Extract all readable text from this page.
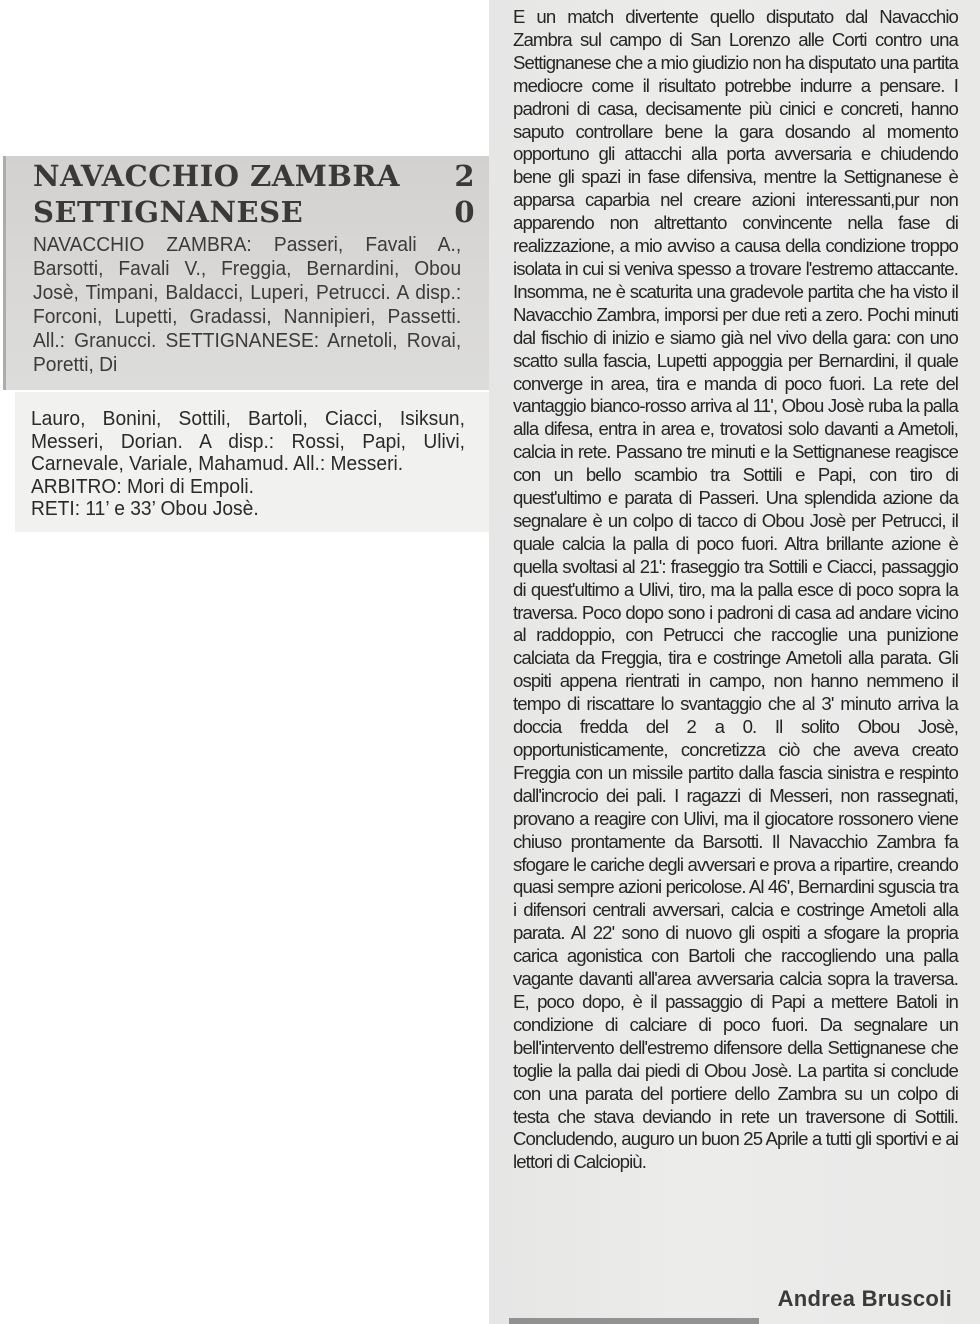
NAVACCHIO ZAMBRA 2
SETTIGNANESE	0
NAVACCHIO ZAMBRA: Passeri, Favali A., Barsotti, Favali V., Freggia, Bernardini, Obou Josè, Timpani, Baldacci, Luperi, Petrucci. A disp.: Forconi, Lupetti, Gradassi, Nannipieri, Passetti. All.: Granucci. SETTIGNANESE: Arnetoli, Rovai, Poretti, Di
Lauro, Bonini, Sottili, Bartoli, Ciacci, Isiksun, Messeri, Dorian. A disp.: Rossi, Papi, Ulivi, Carnevale, Variale, Mahamud. All.: Messeri.
ARBITRO: Mori di Empoli.
RETI: 11’ e 33’ Obou Josè.
E un match divertente quello disputato dal Navacchio Zambra sul campo di San Lorenzo alle Corti contro una Settignanese che a mio giudizio non ha disputato una partita mediocre come il risultato potrebbe indurre a pensare. I padroni di casa, decisamente più cinici e concreti, hanno saputo controllare bene la gara dosando al momento opportuno gli attacchi alla porta avversaria e chiudendo bene gli spazi in fase difensiva, mentre la Settignanese è apparsa caparbia nel creare azioni interessanti,pur non apparendo non altrettanto convincente nella fase di realizzazione, a mio avviso a causa della condizione troppo isolata in cui si veniva spesso a trovare l'estremo attaccante. Insomma, ne è scaturita una gradevole partita che ha visto il Navacchio Zambra, imporsi per due reti a zero. Pochi minuti dal fischio di inizio e siamo già nel vivo della gara: con uno scatto sulla fascia, Lupetti appoggia per Bernardini, il quale converge in area, tira e manda di poco fuori. La rete del vantaggio bianco-rosso arriva al 11', Obou Josè ruba la palla alla difesa, entra in area e, trovatosi solo davanti a Ametoli, calcia in rete. Passano tre minuti e la Settignanese reagisce con un bello scambio tra Sottili e Papi, con tiro di quest'ultimo e parata di Passeri. Una splendida azione da segnalare è un colpo di tacco di Obou Josè per Petrucci, il quale calcia la palla di poco fuori. Altra brillante azione è quella svoltasi al 21': fraseggio tra Sottili e Ciacci, passaggio di quest'ultimo a Ulivi, tiro, ma la palla esce di poco sopra la traversa. Poco dopo sono i padroni di casa ad andare vicino al raddoppio, con Petrucci che raccoglie una punizione calciata da Freggia, tira e costringe Ametoli alla parata. Gli ospiti appena rientrati in campo, non hanno nemmeno il tempo di riscattare lo svantaggio che al 3' minuto arriva la doccia fredda del 2 a 0. Il solito Obou Josè, opportunisticamente, concretizza ciò che aveva creato Freggia con un missile partito dalla fascia sinistra e respinto dall'incrocio dei pali. I ragazzi di Messeri, non rassegnati, provano a reagire con Ulivi, ma il giocatore rossonero viene chiuso prontamente da Barsotti. Il Navacchio Zambra fa sfogare le cariche degli avversari e prova a ripartire, creando quasi sempre azioni pericolose. Al 46', Bernardini sguscia tra i difensori centrali avversari, calcia e costringe Ametoli alla parata. Al 22' sono di nuovo gli ospiti a sfogare la propria carica agonistica con Bartoli che raccogliendo una palla vagante davanti all'area avversaria calcia sopra la traversa. E, poco dopo, è il passaggio di Papi a mettere Batoli in condizione di calciare di poco fuori. Da segnalare un bell'intervento dell'estremo difensore della Settignanese che toglie la palla dai piedi di Obou Josè. La partita si conclude con una parata del portiere dello Zambra su un colpo di testa che stava deviando in rete un traversone di Sottili. Concludendo, auguro un buon 25 Aprile a tutti gli sportivi e ai lettori di Calciopiù.
Andrea Bruscoli
